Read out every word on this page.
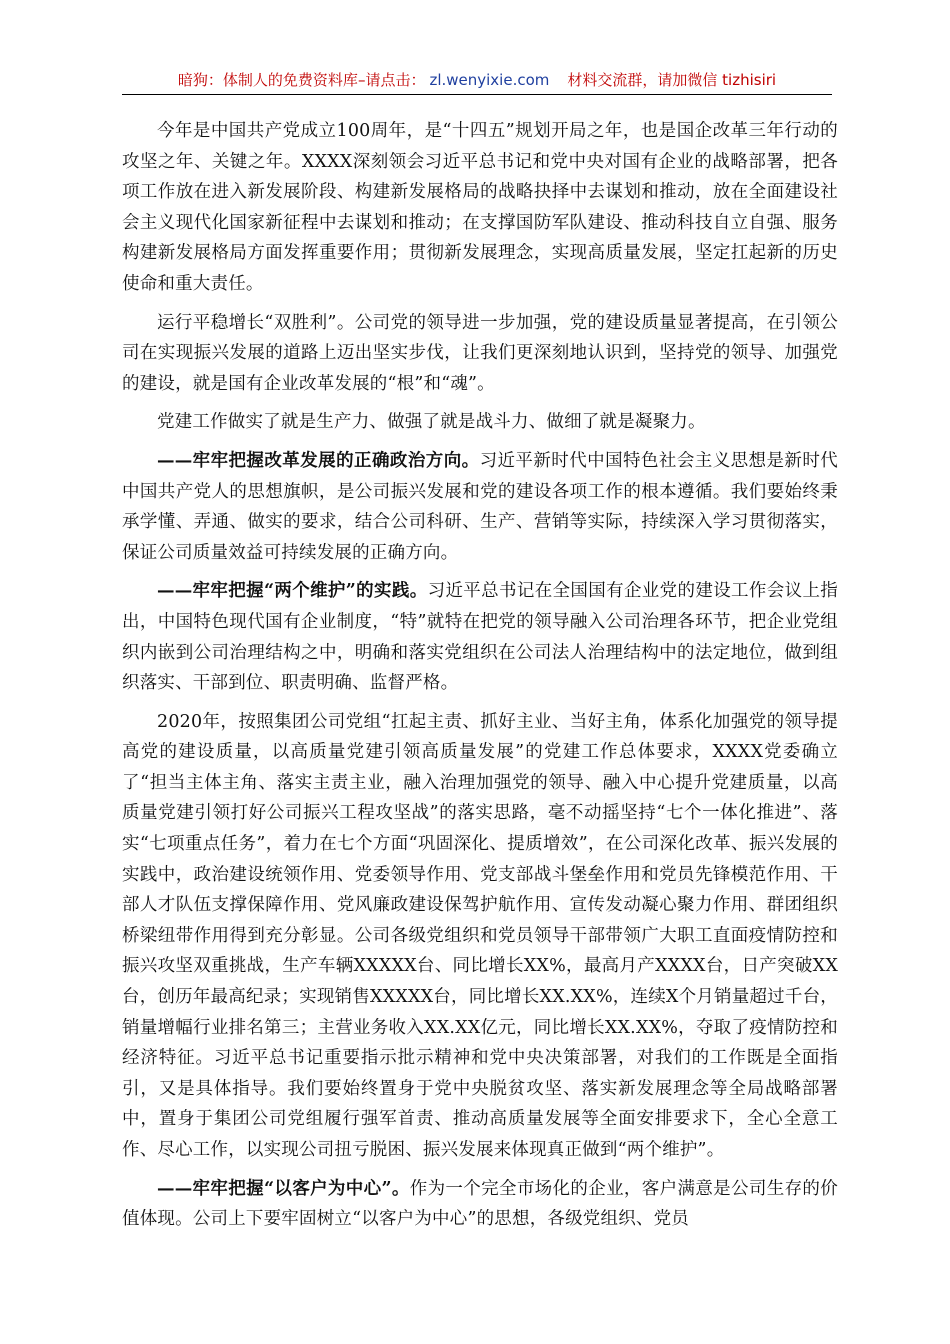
暗狗：体制人的免费资料库–请点击： zl.wenyixie.com 材料交流群，请加微信 tizhisiri

今年是中国共产党成立100周年，是“十四五”规划开局之年，也是国企改革三年行动的攻坚之年、关键之年。XXXX深刻领会习近平总书记和党中央对国有企业的战略部署，把各项工作放在进入新发展阶段、构建新发展格局的战略抉择中去谋划和推动，放在全面建设社会主义现代化国家新征程中去谋划和推动；在支撑国防军队建设、推动科技自立自强、服务构建新发展格局方面发挥重要作用；贯彻新发展理念，实现高质量发展，坚定扛起新的历史使命和重大责任。

运行平稳增长“双胜利”。公司党的领导进一步加强，党的建设质量显著提高，在引领公司在实现振兴发展的道路上迈出坚实步伐，让我们更深刻地认识到，坚持党的领导、加强党的建设，就是国有企业改革发展的“根”和“魂”。

党建工作做实了就是生产力、做强了就是战斗力、做细了就是凝聚力。

——牢牢把握改革发展的正确政治方向。习近平新时代中国特色社会主义思想是新时代中国共产党人的思想旗帜，是公司振兴发展和党的建设各项工作的根本遵循。我们要始终秉承学懂、弄通、做实的要求，结合公司科研、生产、营销等实际，持续深入学习贯彻落实，保证公司质量效益可持续发展的正确方向。

——牢牢把握“两个维护”的实践。习近平总书记在全国国有企业党的建设工作会议上指出，中国特色现代国有企业制度，“特”就特在把党的领导融入公司治理各环节，把企业党组织内嵌到公司治理结构之中，明确和落实党组织在公司法人治理结构中的法定地位，做到组织落实、干部到位、职责明确、监督严格。

2020年，按照集团公司党组“扛起主责、抓好主业、当好主角，体系化加强党的领导提高党的建设质量，以高质量党建引领高质量发展”的党建工作总体要求，XXXX党委确立了“担当主体主角、落实主责主业，融入治理加强党的领导、融入中心提升党建质量，以高质量党建引领打好公司振兴工程攻坚战”的落实思路，毫不动摇坚持“七个一体化推进”、落实“七项重点任务”，着力在七个方面“巩固深化、提质增效”，在公司深化改革、振兴发展的实践中，政治建设统领作用、党委领导作用、党支部战斗堡垒作用和党员先锋模范作用、干部人才队伍支撑保障作用、党风廉政建设保驾护航作用、宣传发动凝心聚力作用、群团组织桥梁纽带作用得到充分彰显。公司各级党组织和党员领导干部带领广大职工直面疫情防控和振兴攻坚双重挑战，生产车辆XXXXX台、同比增长XX%，最高月产XXXX台，日产突破XX台，创历年最高纪录；实现销售XXXXX台，同比增长XX.XX%，连续X个月销量超过千台，销量增幅行业排名第三；主营业务收入XX.XX亿元，同比增长XX.XX%，夺取了疫情防控和经济特征。习近平总书记重要指示批示精神和党中央决策部署，对我们的工作既是全面指引，又是具体指导。我们要始终置身于党中央脱贫攻坚、落实新发展理念等全局战略部署中，置身于集团公司党组履行强军首责、推动高质量发展等全面安排要求下，全心全意工作、尽心工作，以实现公司扭亏脱困、振兴发展来体现真正做到“两个维护”。

——牢牢把握“以客户为中心”。作为一个完全市场化的企业，客户满意是公司生存的价值体现。公司上下要牢固树立“以客户为中心”的思想，各级党组织、党员
